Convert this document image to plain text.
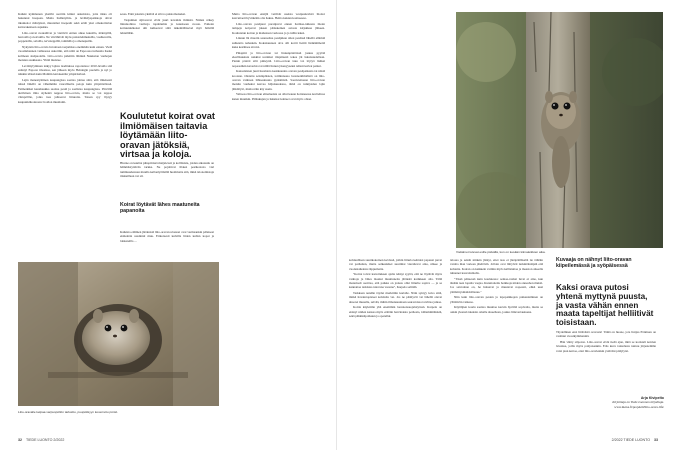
Kaikki kymmenen yksilöä osottiin kiinni onkaloista, joita tikka oli hakannut haapaan. Mutta lisääntymis- ja levähdyspaikkoja olivat tikankolot mäntyissä, muutamat itsepesät sekä eräät yksi omakotitalon kattorakenteen aspukka.

Liito-oravat ruokailivat ja viettivät entien aikaa kuusilla, männyillä, haavoilla ja koivuilla. Ne viivähtivät myös puistolehmuksilla, vaahteroilla, poppeleilla, saloilla, tervaleppillä, tammilla ja omenapuilla.

Nykyisin liito-oravia havaitaan taajamissa enemmän kuin ennen. Vielä vuosituhannen vaihteessa uskottiin, että niitä on Espoossa turhautta Keski kolmeen sisäpuolella. Liito-oravia pidettiin lähinnä Nuuksion vanhojen metsien asukkaana. Yhtiä muistee.

Levittäytyminen näkyy lajista laadituissa raporteissa: 2010-luvulla sitä esiintyi Espoon itäosissa, sen jälkeen myös Helsingin puolella ja nyt jo niinkin idässä kuin Malmin lentokentän ympäristössä.

Lajin menestyminen kaupungissa saattaa johtua siitä, että ilmeisesti niissä lähellä on vähemmän vaaralliselta petoja kuin ympäristöissä. Esimerkiksi kanahaukka saattaa pesiä ja saalistaa kaupungissa. Pärvällä aktiivinen ilma siyhentä nappaa liito-oravia, mutta se voi tappaa viirupöllön, jotka taas jahtaavat liitureita. Toisen syy löytyy kaupunkiluonnosta: hoidon muuttami-

sessa. Eniä jokaista yksilöä ei silvoa puistomaiseksi.

Taajamien sijitoravat elvät juuri kavahda ihmisiä. Niiden näkey lintutuolinsa varmoja tapahtumia ja kuusiseen ruoste. Paikoin kotiuuniulkokat ulit kulkeaval siitä näkemälläsevel myö hälsillä lehteillään.

Koulutetut koirat ovat ilmiömäisen taitavia löytämään liito-oravan jätöksiä, virtsaa ja koloja.

Hiurne on kuultat pihapiirissä maijaleveä ja kollilaisia, joiden aikataulu on hämmästyttävän tarkka. Ne pojaltivat illaksi pesäkolosta viel tummuudestaan muulla kellonlyömällä huolimatta sitä, mikä talonomistaja tilakuilluan vai sil.

Koirat löytävät lähes maatuneita papanoita

Kaikista eläimen jätöksistä liito-oravan ulosteet ovat varmaankin pälaiseet etsikohön uusiinnit muu. Erikoisesti kuivilla liiden kullan kopat ja lohkareilla ...

Mutta liito-oravan ensijäl vettävät useista vesipuulevistä liiottoi kasvuttaeti hyvinkään olta hakua. Heitta kakien kontaseeso.

Liito-oravan pesäpuut paranjuvat ennen harmaa-tuikasta tikoin tampeja kolpavat jaksen päätekeinen asiosta kirjakkua jälkeen. Koulutetun koiran ja matkaisan verkossa ja ja tullin kaksi.

Linnun läi muotin saanaaltaa pesäpikan alkoi pesänsä lähellä eläimiä suhteutta nahaakin. Kokaisuuteen oiva olli kortti lieätti lisäkämmettä kuka kesäitsee sivoisi.

Pihapiiri ja liito-oravan tai linnunpöntöissä joskus pyytää eleellisuuksia nakkiai uurniksi tilapäisesti tekee jäi lukaisuudellaan. Pienin pöntöt silti pimeyttä. Liito-oravan isku voi löytyä lisäksi nopeastikin kaverista tai niiltä linnun jäsenyyseksi näissä kuivat paikat.

Kansalaisten juuri huomiota kesäkausina oravan pesäpaikasta tai niistä kootaan. Oletettu selainpäisten, toiminnassa luonnonilmiöistä on liito-oravan vanhaan lähiseutuuna pyrkimistä. Saavutettuaan liito-oravan metsän vanhaksi kasvaa hiljaisuudessa, tämä on tutkijoiden lajin jälkilöytö, mutta näin käy usein.

Valtaosa liito-oravan elinalueista on ollut kauan hoitaneessa korttelissa kuten muutkin. Päälukujen ja lukuisat kohteet ovat myös olleet.

Liito-oravalle kelpaa varpuspöllön tarkoittu, puupökkyyn koverrettu pöntö.
32 TIEDE LUONTO 2/2022
Vieläimet tulevat esille päivällä, kun on kesään kiimaleikkien aika.

kohtuullisen suurikokoinen kevässä, joihin liituria kehtaisi papanat puvat vat parhaiten, mutta selkeakäset suurimat vierailevat aina, näkee ja vuodenaikaista riippumatta.

"Koirat toivat kartoituksen ajalta tehnyt syyttä, että ne löytävät myös vanhoja ja lähes maaksi muuttuneita jätöksiä karikkeen alta. Tällä materiaali osoittaa, että paikka on joskus ollut liiturite sopiva — ja se kannattaa tarkistaa tulevana vuonna", Karpela selittää.

Tarkkaan nenään täydet merkittiin kartalle. Näin syntyy kuva siitä, mitkä havaintopisteet kohdalta vat. Jos ne päättyvät vat lähellä olevat ahaoret muualle, selvää, mihin ilmansuuntaan seuraavissa tarvittaa jatkaa.

Koiria käytetään yhä enemmän luonnonsuojelutyössä. Karpela on etsinyt niiden kanssa myös erittäin harvinaista perhosia, idätammitäiskiä, sekä pähkinäpolkuun ja opetellut.

talossa ja seinät niinkin jäänyt, ettei taas ei jänöpäälliseltä tie tähtäin varalta ihan varteen jäteltäviä. Jolloin ovat liittyivät turkintäisiäpää että kohteita. Koiran on kaikkein varmin myös kallistuttaa ja maaston alueella tuhannet kasvattamalla.

"Tässä päiteessä kuin koulutessa: seinaa-veshat luvat ei aina, kun tänään teen lopulta vaajaa. Kunnioitettu hoikkoja niiden onneahon muisti. Jos satavahan on, he haluavat ja muutavat nopeasti, ehkä uusi ymmärrysmahdollisuus."

Niin kuin liito-oravan pesien ja lepopaikkojen paikantaminen on yllättävän vaikeaa.

Käyttäjien koulu saattaa muuttaa kasvin hyvältä sopivalta, mutta se onkin yleensä takaisin omalle alueelleen, joskus liituvertauksena.

Kuvaaja on nähnyt liito-oravan kiipeilemässä ja syöpäisessä
Kaksi orava putosi yhtenä myttynä puusta, ja vasta vähän ennen maata tapeltijat helliitivät toisistaan.

Täydellinen ensi liitävästä oravasta! Tämä on huone, jota lisäjaa Pöntinen on vaalinut vuosikymmenniä.

Hän väitty silpoton. Liito-oravat eivät tiedä ajan, mitä se koristeli koirien luvuissa, joilla myös pohjoisenkin. Eräs kuva taistelusta tuntuu järjestelmän voisi pian kertoa, ettei liito-oravienkin ystäväni pitäytyisi.

Arja Kivipelto
Kirjoittaja on Tiede Luonnon kirjoittaja.
www.metsa.fi/projektit/liito-orava-life/
2/2022 TIEDE LUONTO 33
